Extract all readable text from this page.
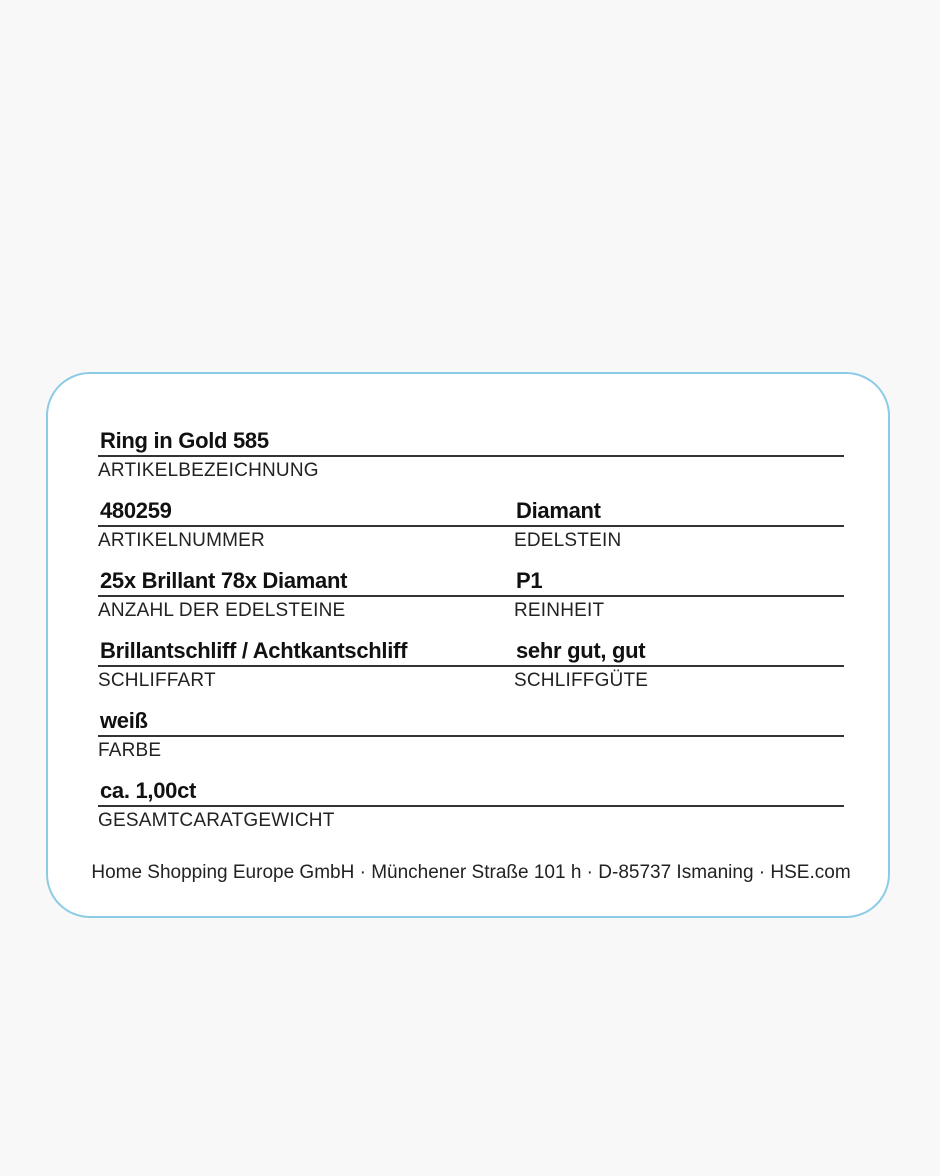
Ring in Gold 585
ARTIKELBEZEICHNUNG
480259
ARTIKELNUMMER
Diamant
EDELSTEIN
25x Brillant 78x Diamant
ANZAHL DER EDELSTEINE
P1
REINHEIT
Brillantschliff / Achtkantschliff
SCHLIFFART
sehr gut, gut
SCHLIFFGÜTE
weiß
FARBE
ca. 1,00ct
GESAMTCARATGEWICHT
Home Shopping Europe GmbH · Münchener Straße 101 h · D-85737 Ismaning · HSE.com
